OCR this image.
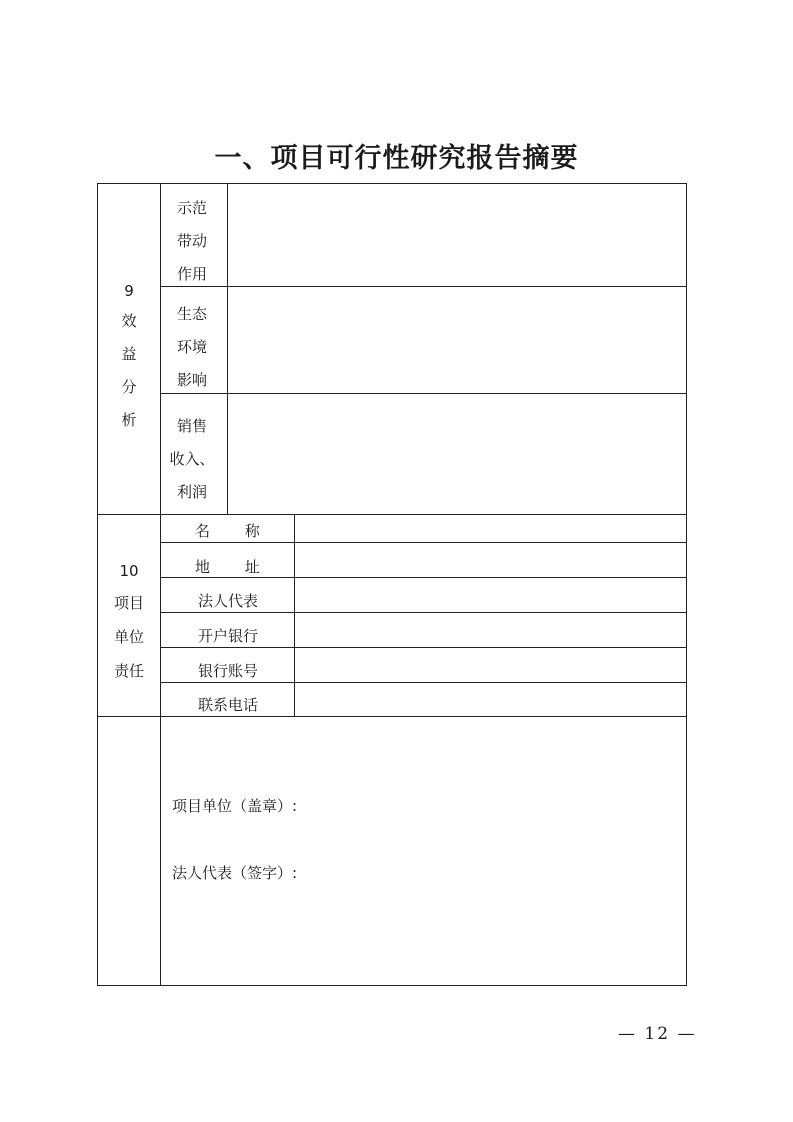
一、项目可行性研究报告摘要
9
效
益
分
析
示范
带动
作用
生态
环境
影响
销售
收入、
利润
10
项目
单位
责任
名 称
地 址
法人代表
开户银行
银行账号
联系电话
项目单位（盖章）:
法人代表（签字）:
— 12 —
